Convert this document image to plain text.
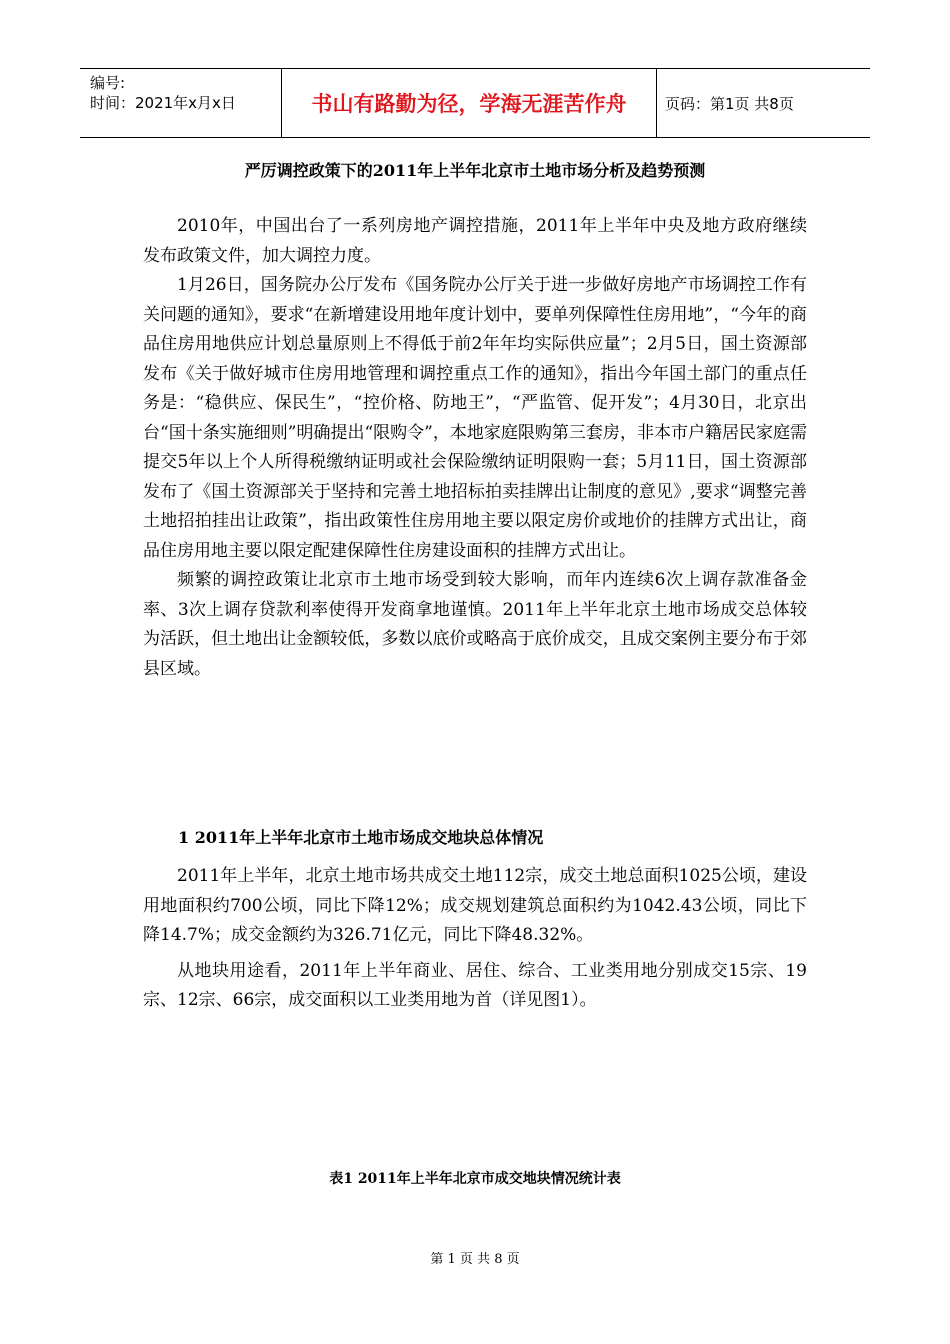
编号:
时间：2021年x月x日	书山有路勤为径，学海无涯苦作舟	页码：第1页 共8页
严厉调控政策下的2011年上半年北京市土地市场分析及趋势预测

2010年，中国出台了一系列房地产调控措施，2011年上半年中央及地方政府继续发布政策文件，加大调控力度。

1月26日，国务院办公厅发布《国务院办公厅关于进一步做好房地产市场调控工作有关问题的通知》，要求“在新增建设用地年度计划中，要单列保障性住房用地”，“今年的商品住房用地供应计划总量原则上不得低于前2年年均实际供应量”；2月5日，国土资源部发布《关于做好城市住房用地管理和调控重点工作的通知》，指出今年国土部门的重点任务是：“稳供应、保民生”，“控价格、防地王”，“严监管、促开发”；4月30日，北京出台“国十条实施细则”明确提出“限购令”，本地家庭限购第三套房，非本市户籍居民家庭需提交5年以上个人所得税缴纳证明或社会保险缴纳证明限购一套；5月11日，国土资源部发布了《国土资源部关于坚持和完善土地招标拍卖挂牌出让制度的意见》,要求“调整完善土地招拍挂出让政策”，指出政策性住房用地主要以限定房价或地价的挂牌方式出让，商品住房用地主要以限定配建保障性住房建设面积的挂牌方式出让。

频繁的调控政策让北京市土地市场受到较大影响，而年内连续6次上调存款准备金率、3次上调存贷款利率使得开发商拿地谨慎。2011年上半年北京土地市场成交总体较为活跃，但土地出让金额较低，多数以底价或略高于底价成交，且成交案例主要分布于郊县区域。

1 2011年上半年北京市土地市场成交地块总体情况

2011年上半年，北京土地市场共成交土地112宗，成交土地总面积1025公顷，建设用地面积约700公顷，同比下降12%；成交规划建筑总面积约为1042.43公顷，同比下降14.7%；成交金额约为326.71亿元，同比下降48.32%。

从地块用途看，2011年上半年商业、居住、综合、工业类用地分别成交15宗、19宗、12宗、66宗，成交面积以工业类用地为首（详见图1）。

表1 2011年上半年北京市成交地块情况统计表
第 1 页 共 8 页
